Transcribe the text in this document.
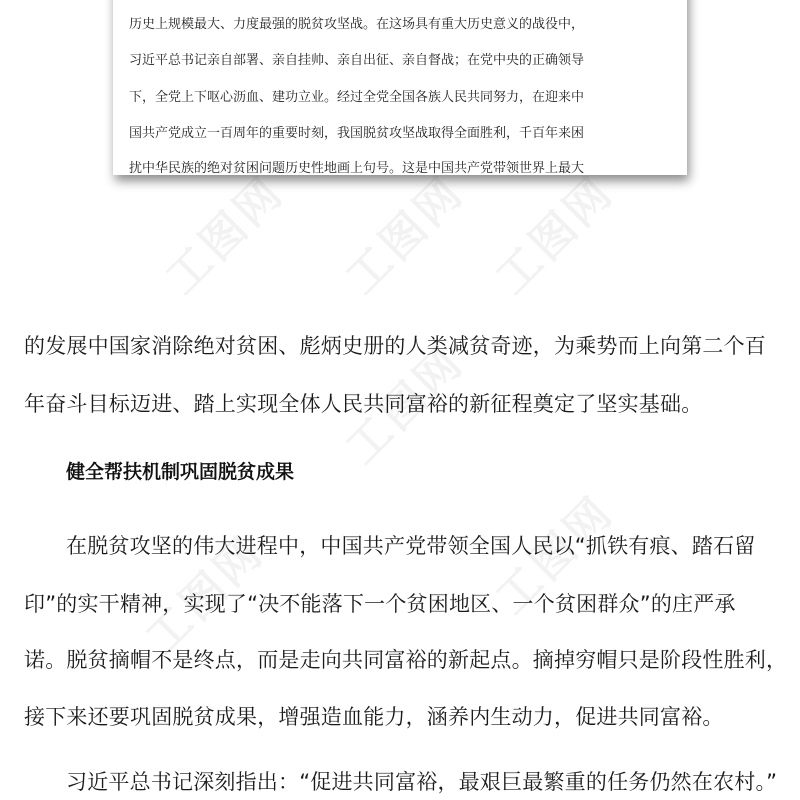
工图网 工图网 工图网
工图网
工图网	工图网
历史上规模最大、力度最强的脱贫攻坚战。在这场具有重大历史意义的战役中，
习近平总书记亲自部署、亲自挂帅、亲自出征、亲自督战；在党中央的正确领导
下，全党上下呕心沥血、建功立业。经过全党全国各族人民共同努力，在迎来中
国共产党成立一百周年的重要时刻，我国脱贫攻坚战取得全面胜利，千百年来困
扰中华民族的绝对贫困问题历史性地画上句号。这是中国共产党带领世界上最大
的发展中国家消除绝对贫困、彪炳史册的人类减贫奇迹，为乘势而上向第二个百
年奋斗目标迈进、踏上实现全体人民共同富裕的新征程奠定了坚实基础。
健全帮扶机制巩固脱贫成果
在脱贫攻坚的伟大进程中，中国共产党带领全国人民以“抓铁有痕、踏石留
印”的实干精神，实现了“决不能落下一个贫困地区、一个贫困群众”的庄严承
诺。脱贫摘帽不是终点，而是走向共同富裕的新起点。摘掉穷帽只是阶段性胜利，
接下来还要巩固脱贫成果，增强造血能力，涵养内生动力，促进共同富裕。
习近平总书记深刻指出：“促进共同富裕，最艰巨最繁重的任务仍然在农村。”
